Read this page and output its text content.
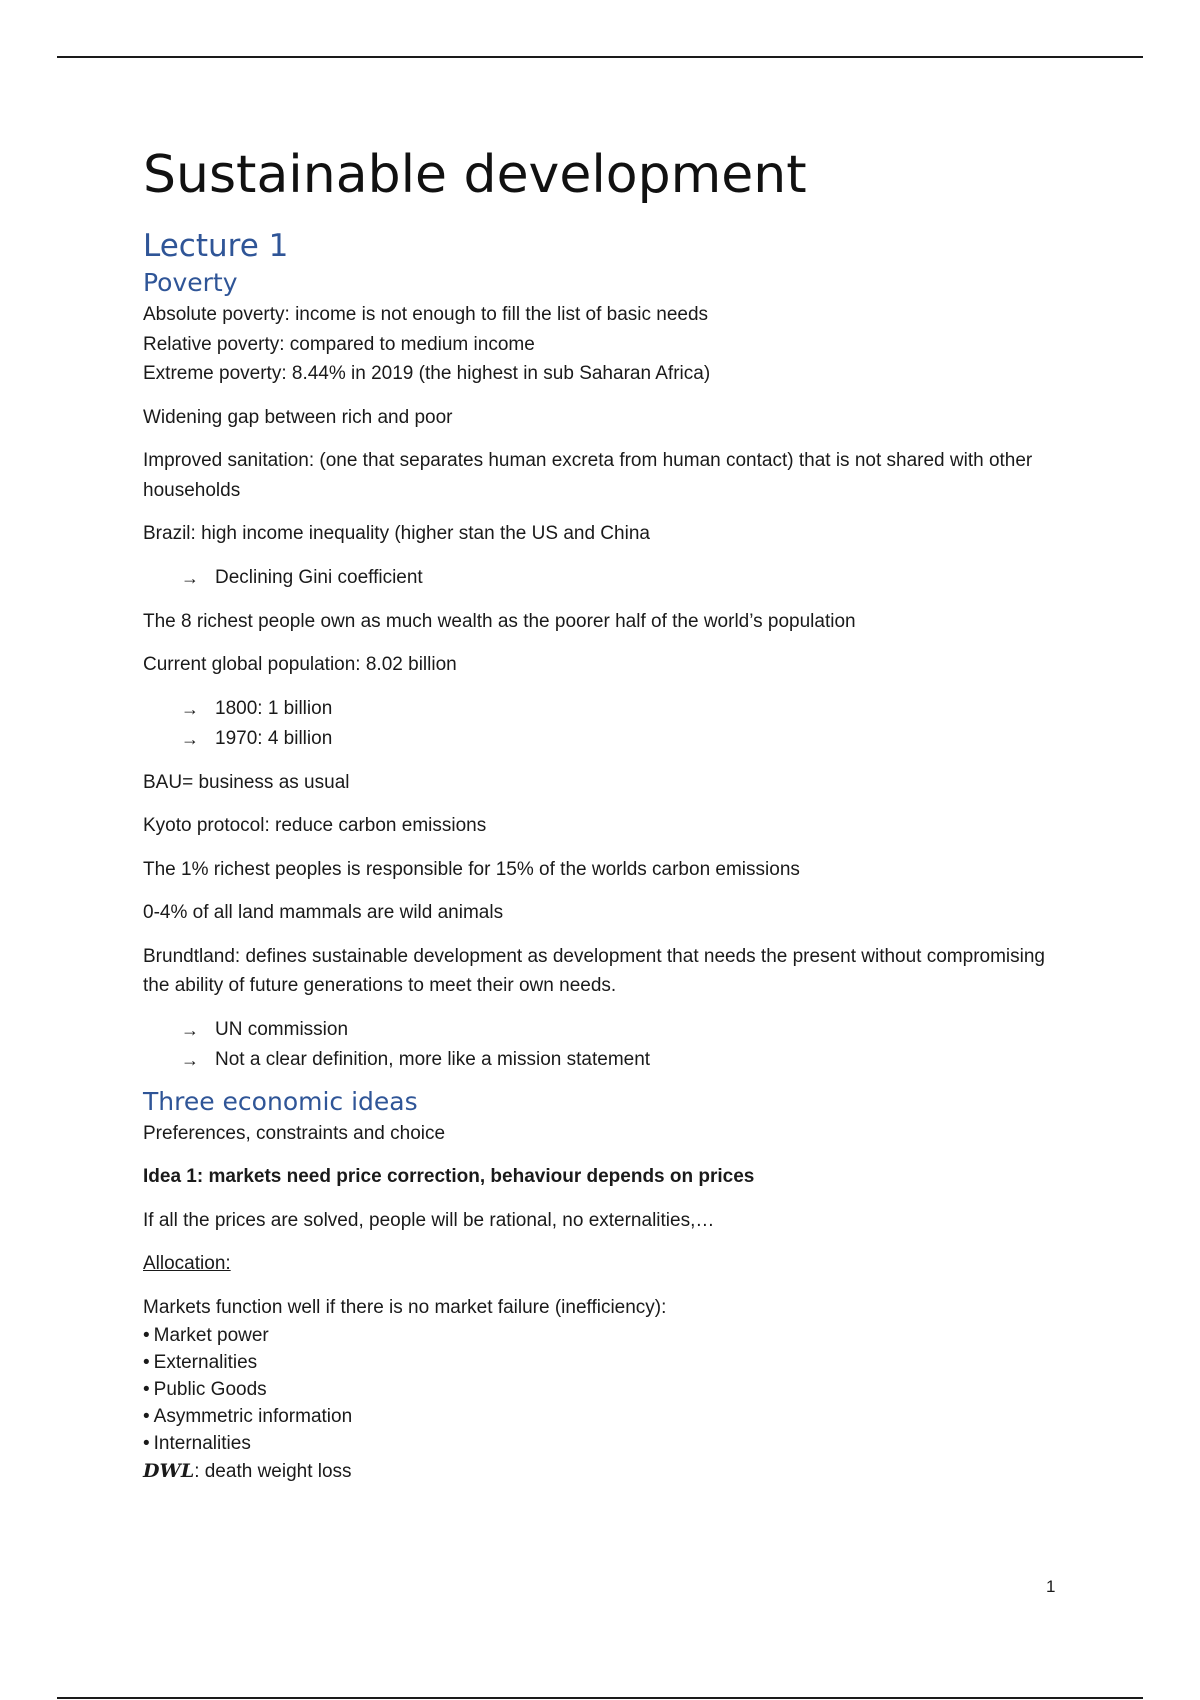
Sustainable development
Lecture 1
Poverty

Absolute poverty: income is not enough to fill the list of basic needs

Relative poverty: compared to medium income

Extreme poverty: 8.44% in 2019 (the highest in sub Saharan Africa)

Widening gap between rich and poor

Improved sanitation: (one that separates human excreta from human contact) that is not shared with other households

Brazil: high income inequality (higher stan the US and China

→ Declining Gini coefficient

The 8 richest people own as much wealth as the poorer half of the world’s population

Current global population: 8.02 billion

→ 1800: 1 billion
→ 1970: 4 billion

BAU= business as usual

Kyoto protocol: reduce carbon emissions

The 1% richest peoples is responsible for 15% of the worlds carbon emissions

0-4% of all land mammals are wild animals

Brundtland: defines sustainable development as development that needs the present without compromising the ability of future generations to meet their own needs.

→ UN commission
→ Not a clear definition, more like a mission statement
Three economic ideas

Preferences, constraints and choice

Idea 1: markets need price correction, behaviour depends on prices

If all the prices are solved, people will be rational, no externalities,…

Allocation:

Markets function well if there is no market failure (inefficiency):

• Market power
• Externalities
• Public Goods
• Asymmetric information
• Internalities

DWL: death weight loss

1
